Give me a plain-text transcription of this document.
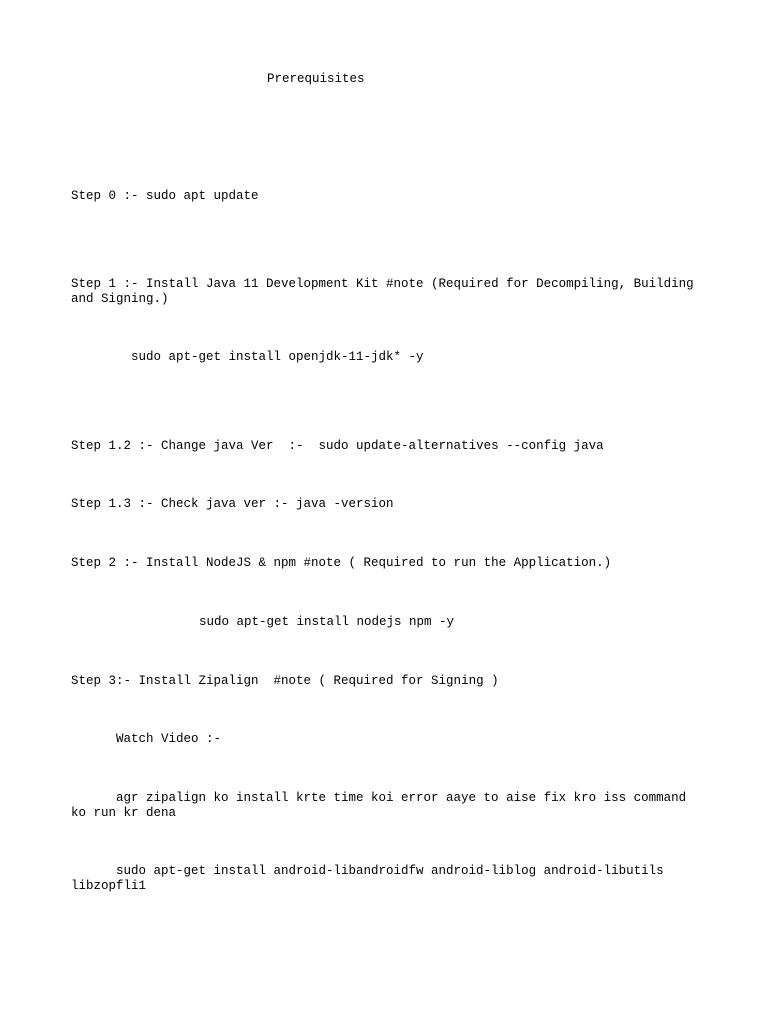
Prerequisites
Step 0 :- sudo apt update
Step 1 :- Install Java 11 Development Kit #note (Required for Decompiling, Building and Signing.)
sudo apt-get install openjdk-11-jdk* -y
Step 1.2 :- Change java Ver  :-  sudo update-alternatives --config java
Step 1.3 :- Check java ver :- java -version
Step 2 :- Install NodeJS & npm #note ( Required to run the Application.)
sudo apt-get install nodejs npm -y
Step 3:- Install Zipalign  #note ( Required for Signing )
Watch Video :-
agr zipalign ko install krte time koi error aaye to aise fix kro iss command ko run kr dena
sudo apt-get install android-libandroidfw android-liblog android-libutils libzopfli1
